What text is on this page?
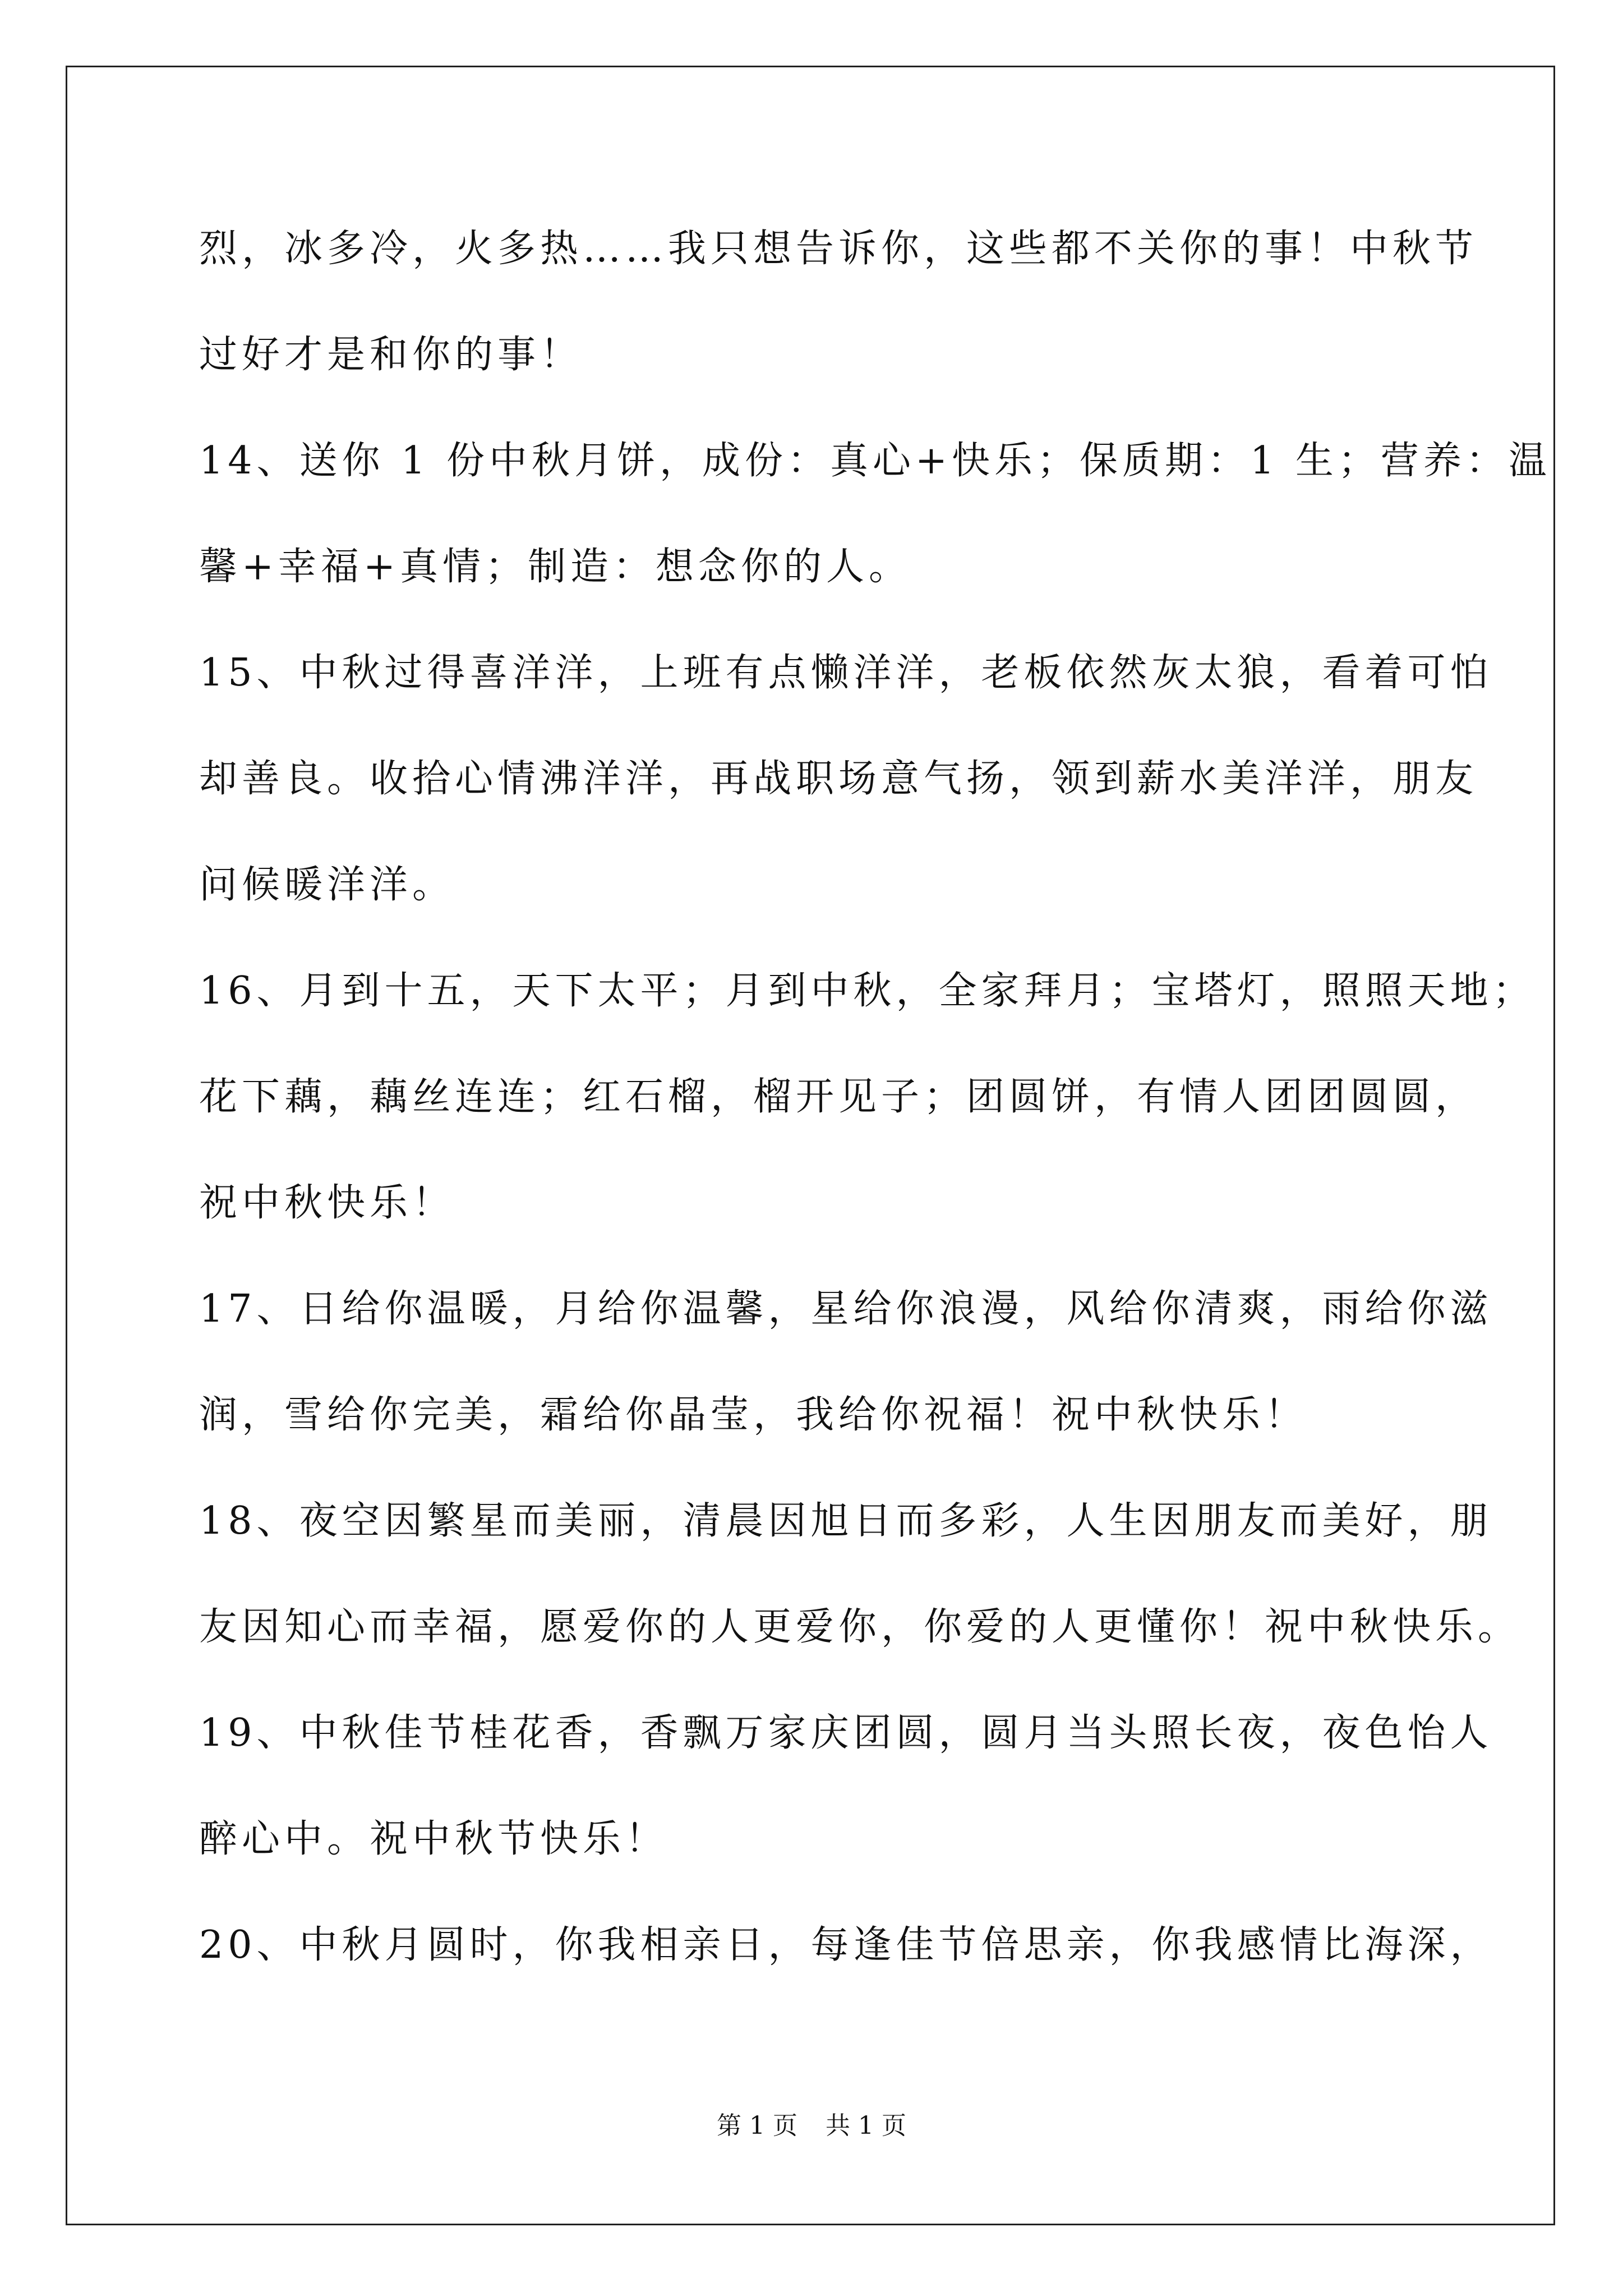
烈，冰多冷，火多热……我只想告诉你，这些都不关你的事！中秋节
过好才是和你的事！
14、送你 1 份中秋月饼，成份：真心+快乐；保质期：1 生；营养：温
馨+幸福+真情；制造：想念你的人。
15、中秋过得喜洋洋，上班有点懒洋洋，老板依然灰太狼，看着可怕
却善良。收拾心情沸洋洋，再战职场意气扬，领到薪水美洋洋，朋友
问候暖洋洋。
16、月到十五，天下太平；月到中秋，全家拜月；宝塔灯，照照天地；
花下藕，藕丝连连；红石榴，榴开见子；团圆饼，有情人团团圆圆，
祝中秋快乐！
17、日给你温暖，月给你温馨，星给你浪漫，风给你清爽，雨给你滋
润，雪给你完美，霜给你晶莹，我给你祝福！祝中秋快乐！
18、夜空因繁星而美丽，清晨因旭日而多彩，人生因朋友而美好，朋
友因知心而幸福，愿爱你的人更爱你，你爱的人更懂你！祝中秋快乐。
19、中秋佳节桂花香，香飘万家庆团圆，圆月当头照长夜，夜色怡人
醉心中。祝中秋节快乐！
20、中秋月圆时，你我相亲日，每逢佳节倍思亲，你我感情比海深，
第 1 页 共 1 页
